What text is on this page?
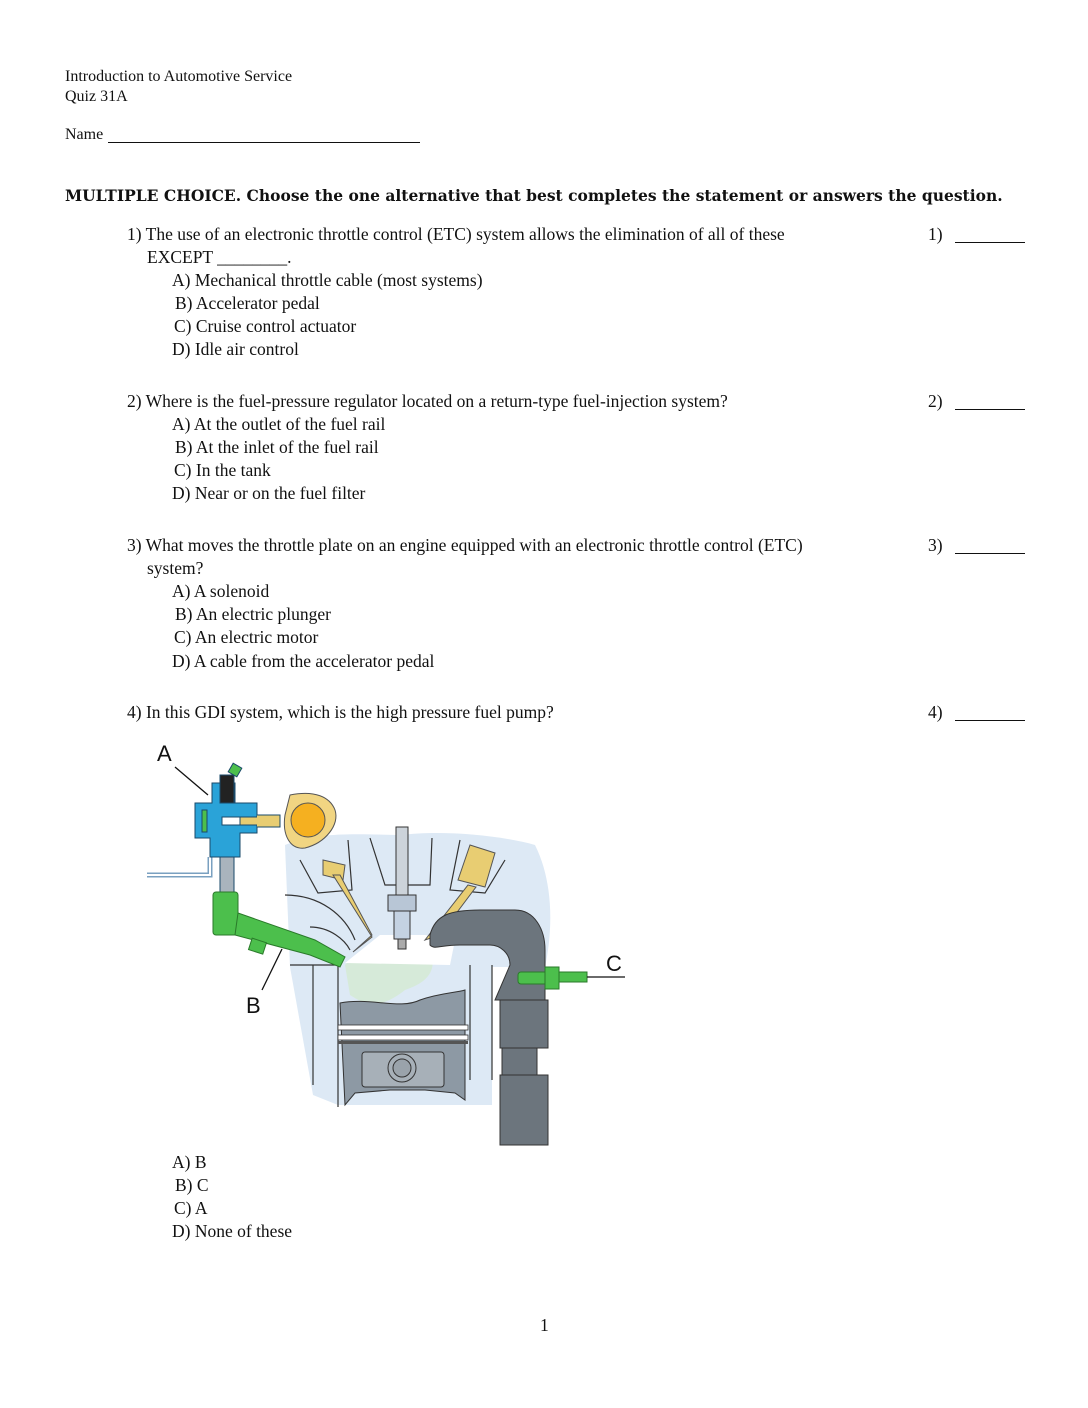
Introduction to Automotive Service
Quiz 31A
Name
MULTIPLE CHOICE. Choose the one alternative that best completes the statement or answers the question.
1) The use of an electronic throttle control (ETC) system allows the elimination of all of these
EXCEPT ________.
A) Mechanical throttle cable (most systems)
B) Accelerator pedal
C) Cruise control actuator
D) Idle air control
1)
2) Where is the fuel-pressure regulator located on a return-type fuel-injection system?
A) At the outlet of the fuel rail
B) At the inlet of the fuel rail
C) In the tank
D) Near or on the fuel filter
2)
3) What moves the throttle plate on an engine equipped with an electronic throttle control (ETC)
system?
A) A solenoid
B) An electric plunger
C) An electric motor
D) A cable from the accelerator pedal
3)
4) In this GDI system, which is the high pressure fuel pump?	4)
A
B
C
A) B
B) C
C) A
D) None of these
1
